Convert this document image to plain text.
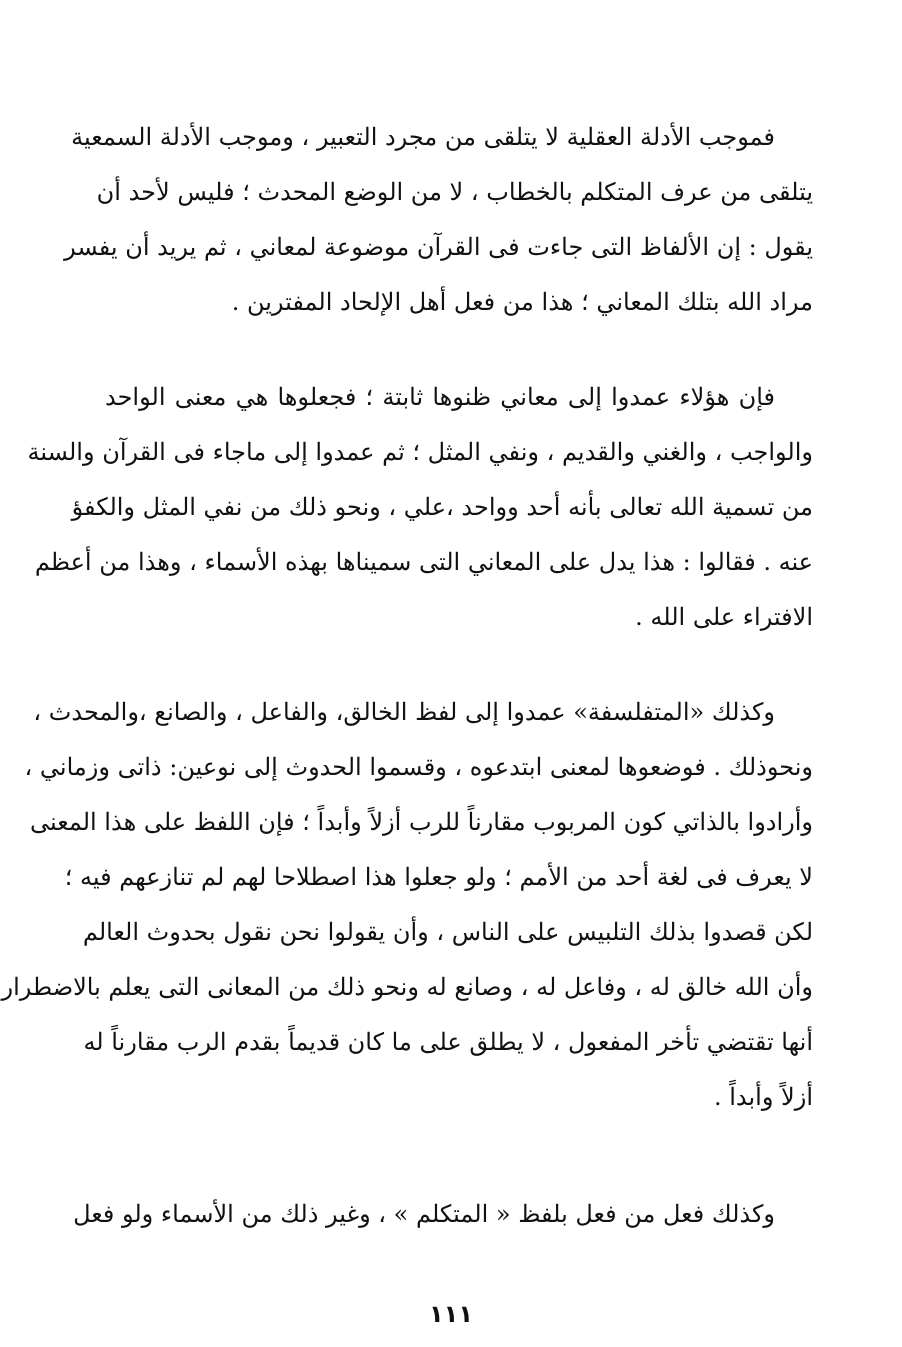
فموجب الأدلة العقلية لا يتلقى من مجرد التعبير ، وموجب الأدلة السمعية
يتلقى من عرف المتكلم بالخطاب ، لا من الوضع المحدث ؛ فليس لأحد أن
يقول : إن الألفاظ التى جاءت فى القرآن موضوعة لمعاني ، ثم يريد أن يفسر
مراد الله بتلك المعاني ؛ هذا من فعل أهل الإلحاد المفترين .
فإن هؤلاء عمدوا إلى معاني ظنوها ثابتة ؛ فجعلوها هي معنى الواحد
والواجب ، والغني والقديم ، ونفي المثل ؛ ثم عمدوا إلى ماجاء فى القرآن والسنة
من تسمية الله تعالى بأنه أحد وواحد ،علي ، ونحو ذلك من نفي المثل والكفؤ
عنه . فقالوا : هذا يدل على المعاني التى سميناها بهذه الأسماء ، وهذا من أعظم
الافتراء على الله .
وكذلك «المتفلسفة» عمدوا إلى لفظ الخالق، والفاعل ، والصانع ،والمحدث ،
ونحوذلك . فوضعوها لمعنى ابتدعوه ، وقسموا الحدوث إلى نوعين: ذاتى وزماني ،
وأرادوا بالذاتي كون المربوب مقارناً للرب أزلاً وأبداً ؛ فإن اللفظ على هذا المعنى
لا يعرف فى لغة أحد من الأمم ؛ ولو جعلوا هذا اصطلاحا لهم لم تنازعهم فيه ؛
لكن قصدوا بذلك التلبيس على الناس ، وأن يقولوا نحن نقول بحدوث العالم
وأن الله خالق له ، وفاعل له ، وصانع له ونحو ذلك من المعانى التى يعلم بالاضطرار
أنها تقتضي تأخر المفعول ، لا يطلق على ما كان قديماً بقدم الرب مقارناً له
أزلاً وأبداً .
وكذلك فعل من فعل بلفظ « المتكلم » ، وغير ذلك من الأسماء ولو فعل
١١١
